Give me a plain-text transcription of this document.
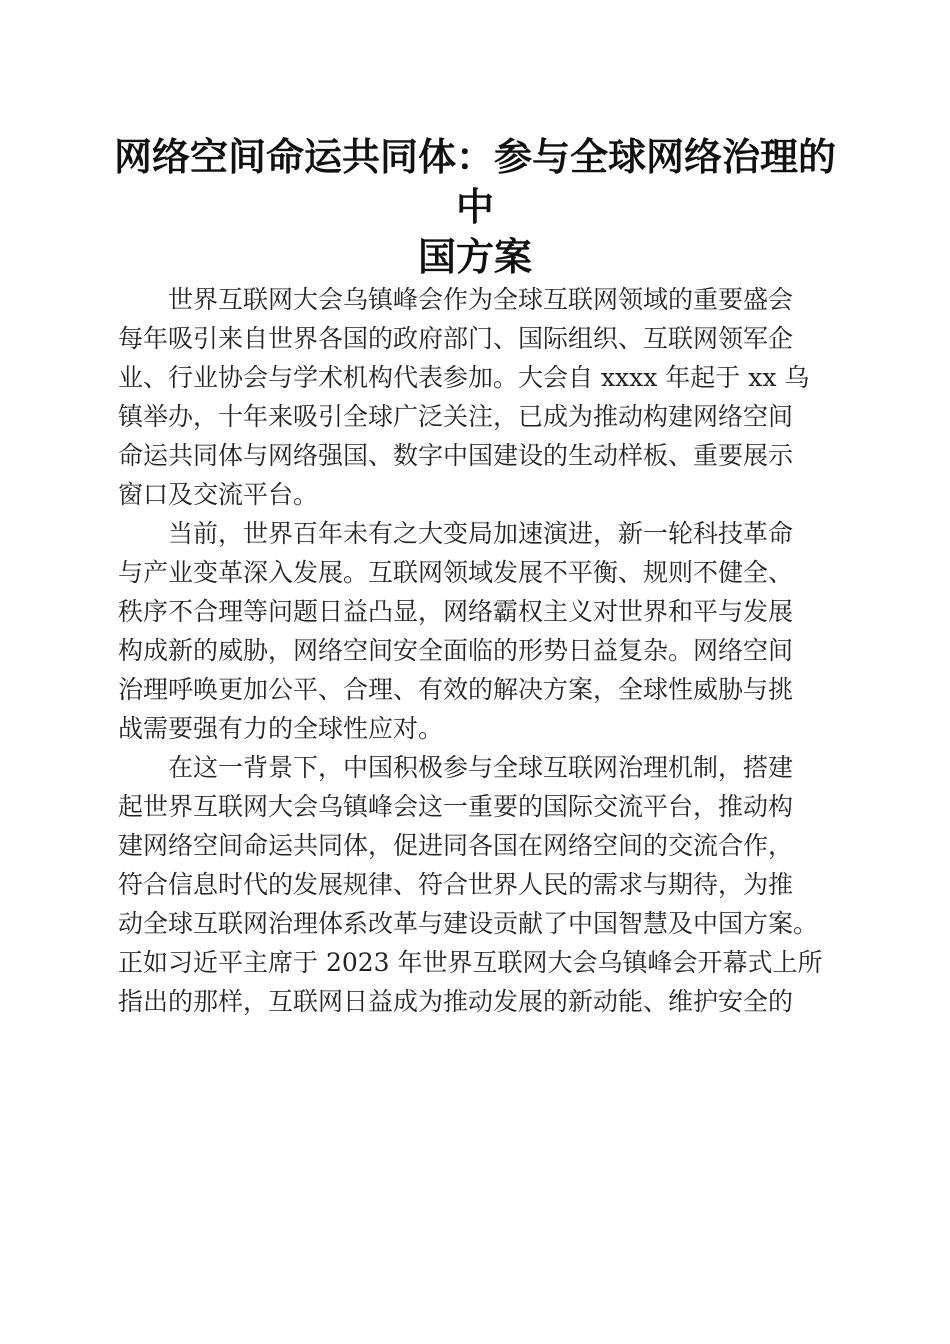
网络空间命运共同体：参与全球网络治理的中
国方案

　　世界互联网大会乌镇峰会作为全球互联网领域的重要盛会
每年吸引来自世界各国的政府部门、国际组织、互联网领军企
业、行业协会与学术机构代表参加。大会自 xxxx 年起于 xx 乌
镇举办，十年来吸引全球广泛关注，已成为推动构建网络空间
命运共同体与网络强国、数字中国建设的生动样板、重要展示
窗口及交流平台。

　　当前，世界百年未有之大变局加速演进，新一轮科技革命
与产业变革深入发展。互联网领域发展不平衡、规则不健全、
秩序不合理等问题日益凸显，网络霸权主义对世界和平与发展
构成新的威胁，网络空间安全面临的形势日益复杂。网络空间
治理呼唤更加公平、合理、有效的解决方案，全球性威胁与挑
战需要强有力的全球性应对。

　　在这一背景下，中国积极参与全球互联网治理机制，搭建
起世界互联网大会乌镇峰会这一重要的国际交流平台，推动构
建网络空间命运共同体，促进同各国在网络空间的交流合作，
符合信息时代的发展规律、符合世界人民的需求与期待，为推
动全球互联网治理体系改革与建设贡献了中国智慧及中国方案。
正如习近平主席于 2023 年世界互联网大会乌镇峰会开幕式上所
指出的那样，互联网日益成为推动发展的新动能、维护安全的
